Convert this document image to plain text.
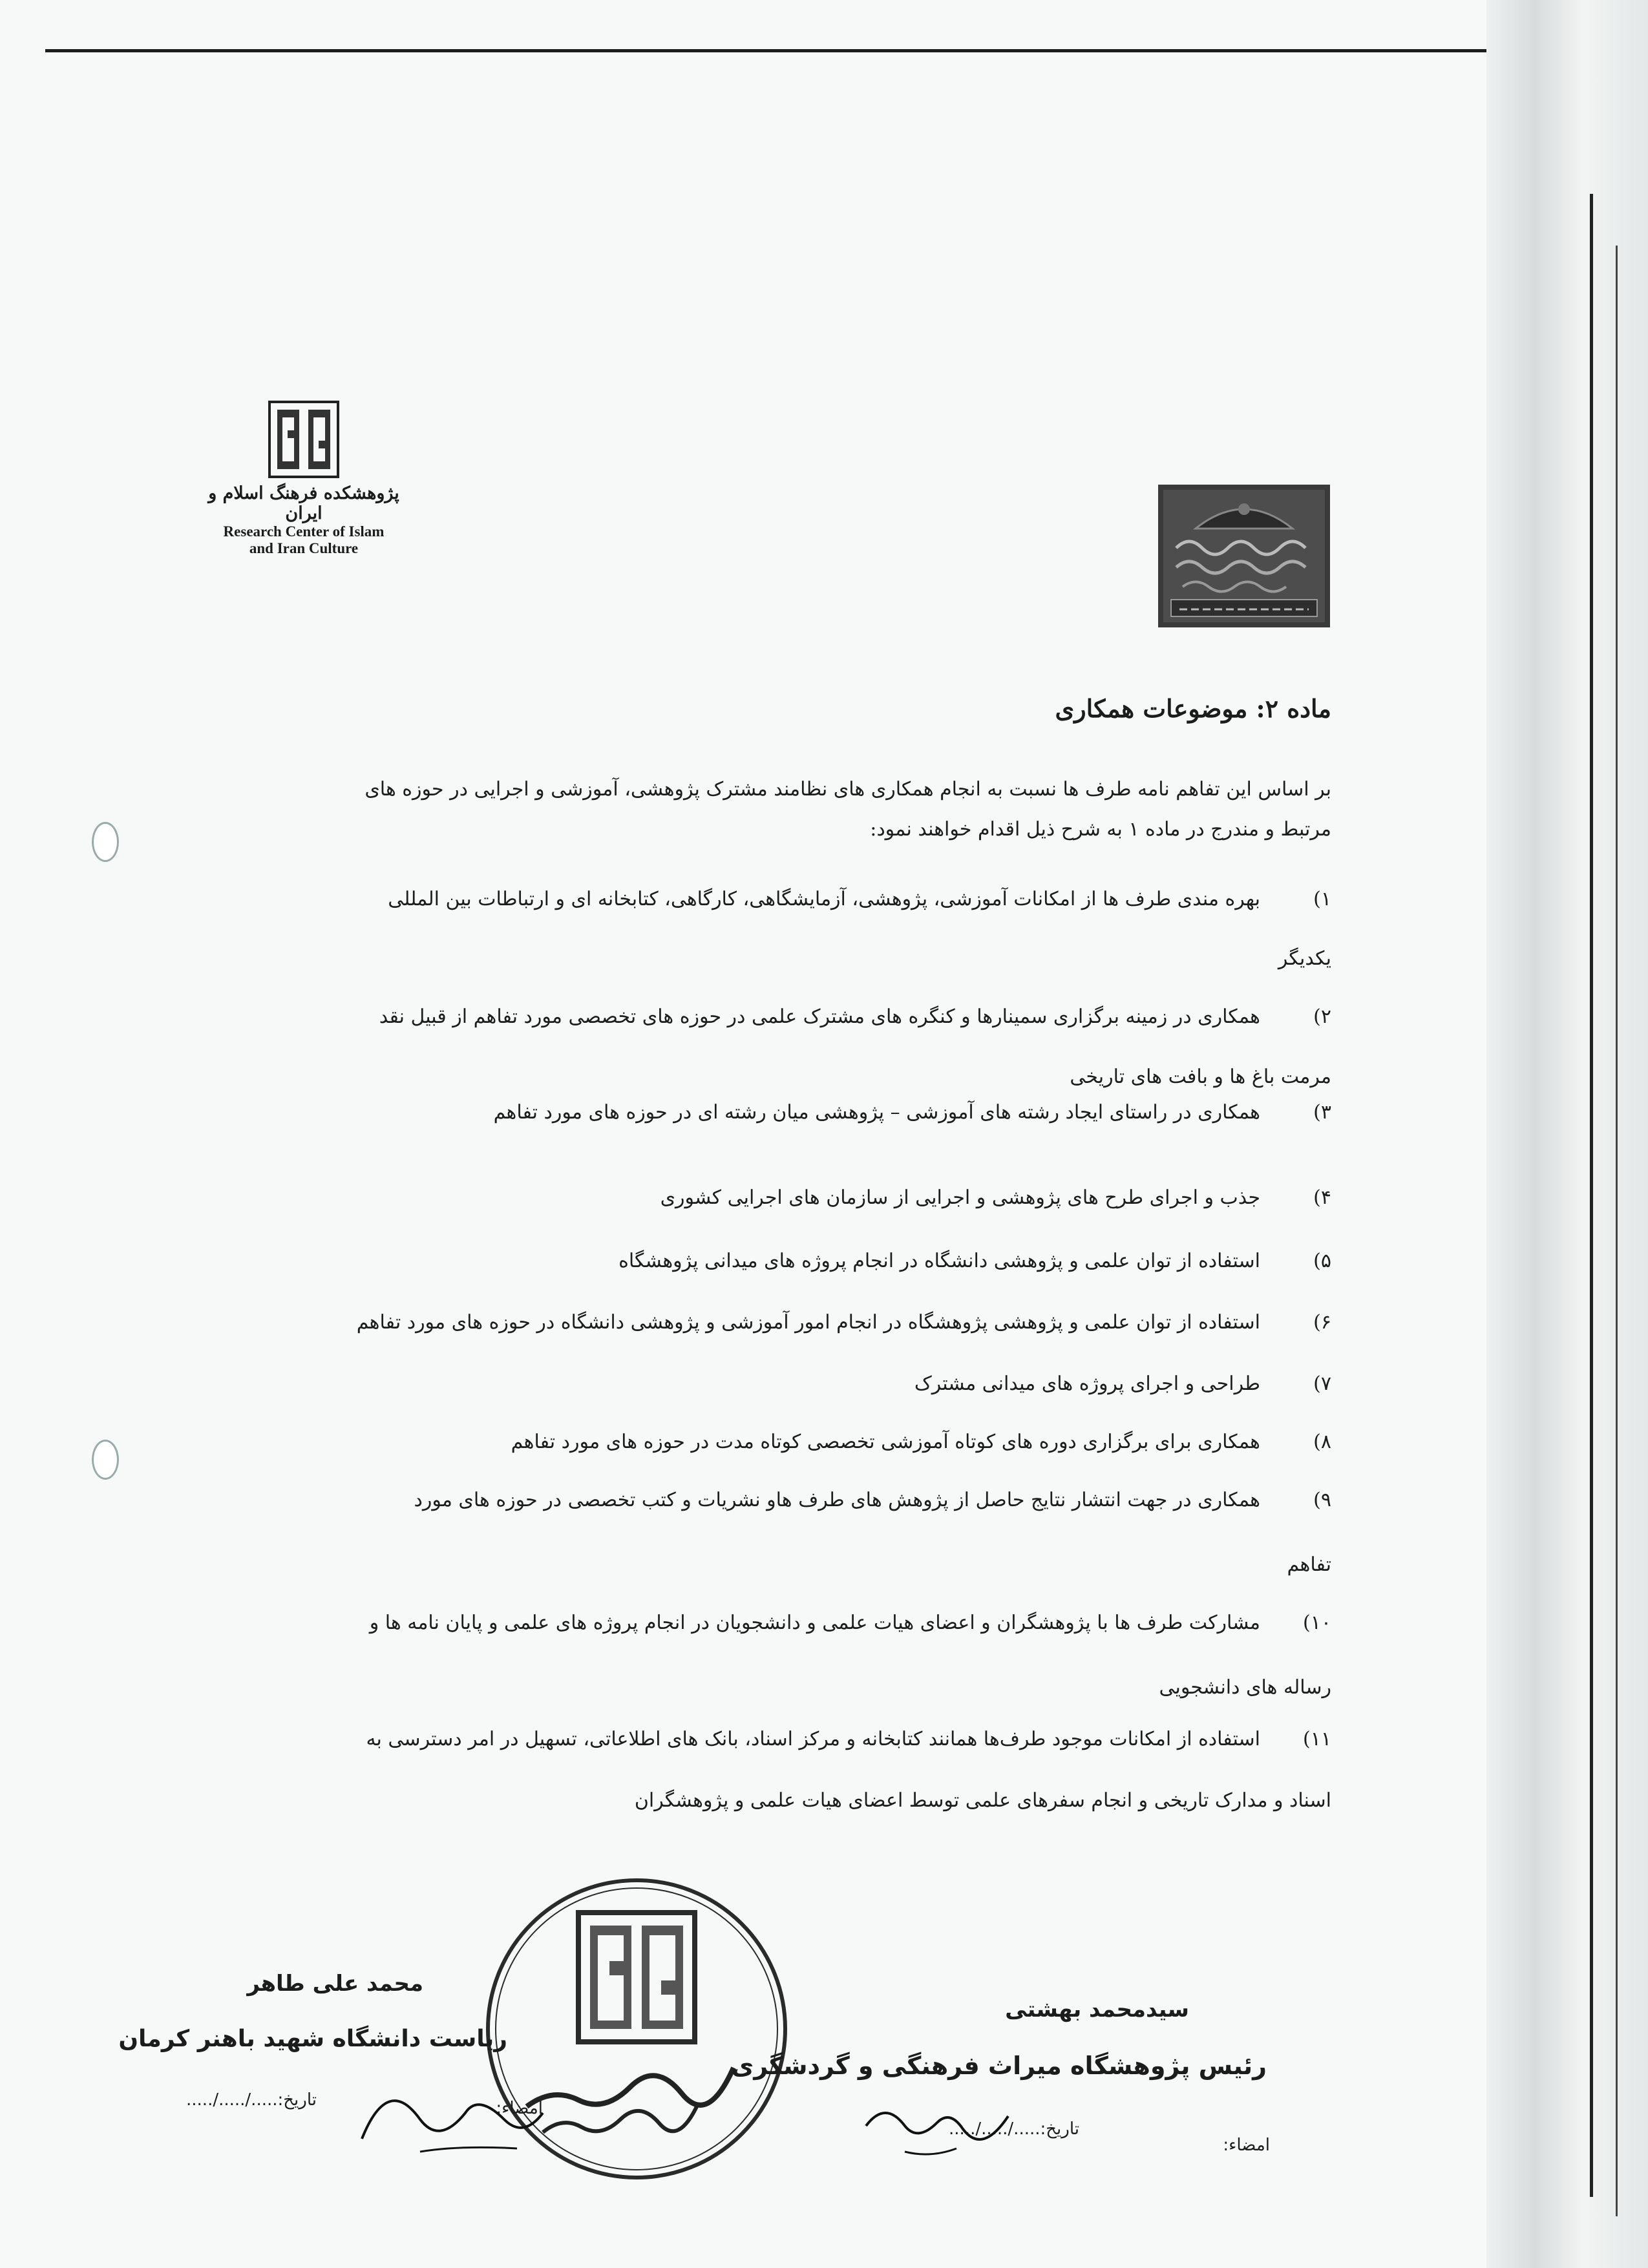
پژوهشکده فرهنگ اسلام و ایران
Research Center of Islam
and Iran Culture
ماده ۲: موضوعات همکاری
بر اساس این تفاهم نامه طرف ها نسبت به انجام همکاری های نظامند مشترک پژوهشی، آموزشی و اجرایی در حوزه های
مرتبط و مندرج در ماده ۱ به شرح ذیل اقدام خواهند نمود:
۱)بهره مندی طرف ها از امکانات آموزشی، پژوهشی، آزمایشگاهی، کارگاهی، کتابخانه ای و ارتباطات بین المللی
یکدیگر
۲)همکاری در زمینه برگزاری سمینارها و کنگره های مشترک علمی در حوزه های تخصصی مورد تفاهم از قبیل نقد
مرمت باغ ها و بافت های تاریخی
۳)همکاری در راستای ایجاد رشته های آموزشی – پژوهشی میان رشته ای در حوزه های مورد تفاهم
۴)جذب و اجرای طرح های پژوهشی و اجرایی از سازمان های اجرایی کشوری
۵)استفاده از توان علمی و پژوهشی دانشگاه در انجام پروژه های میدانی پژوهشگاه
۶)استفاده از توان علمی و پژوهشی پژوهشگاه در انجام امور آموزشی و پژوهشی دانشگاه در حوزه های مورد تفاهم
۷)طراحی و اجرای پروژه های میدانی مشترک
۸)همکاری برای برگزاری دوره های کوتاه آموزشی تخصصی کوتاه مدت در حوزه های مورد تفاهم
۹)همکاری در جهت انتشار نتایج حاصل از پژوهش های طرف هاو نشریات و کتب تخصصی در حوزه های مورد
تفاهم
۱۰)مشارکت طرف ها با پژوهشگران و اعضای هیات علمی و دانشجویان در انجام پروژه های علمی و پایان نامه ها و
رساله های دانشجویی
۱۱)استفاده از امکانات موجود طرف‌ها همانند کتابخانه و مرکز اسناد، بانک های اطلاعاتی، تسهیل در امر دسترسی به
اسناد و مدارک تاریخی و انجام سفرهای علمی توسط اعضای هیات علمی و پژوهشگران
محمد علی طاهر
ریاست دانشگاه شهید باهنر کرمان
امضاء:
تاریخ:...../...../.....
سیدمحمد بهشتی
رئیس پژوهشگاه میراث فرهنگی و گردشگری
امضاء:
تاریخ:...../...../.....
